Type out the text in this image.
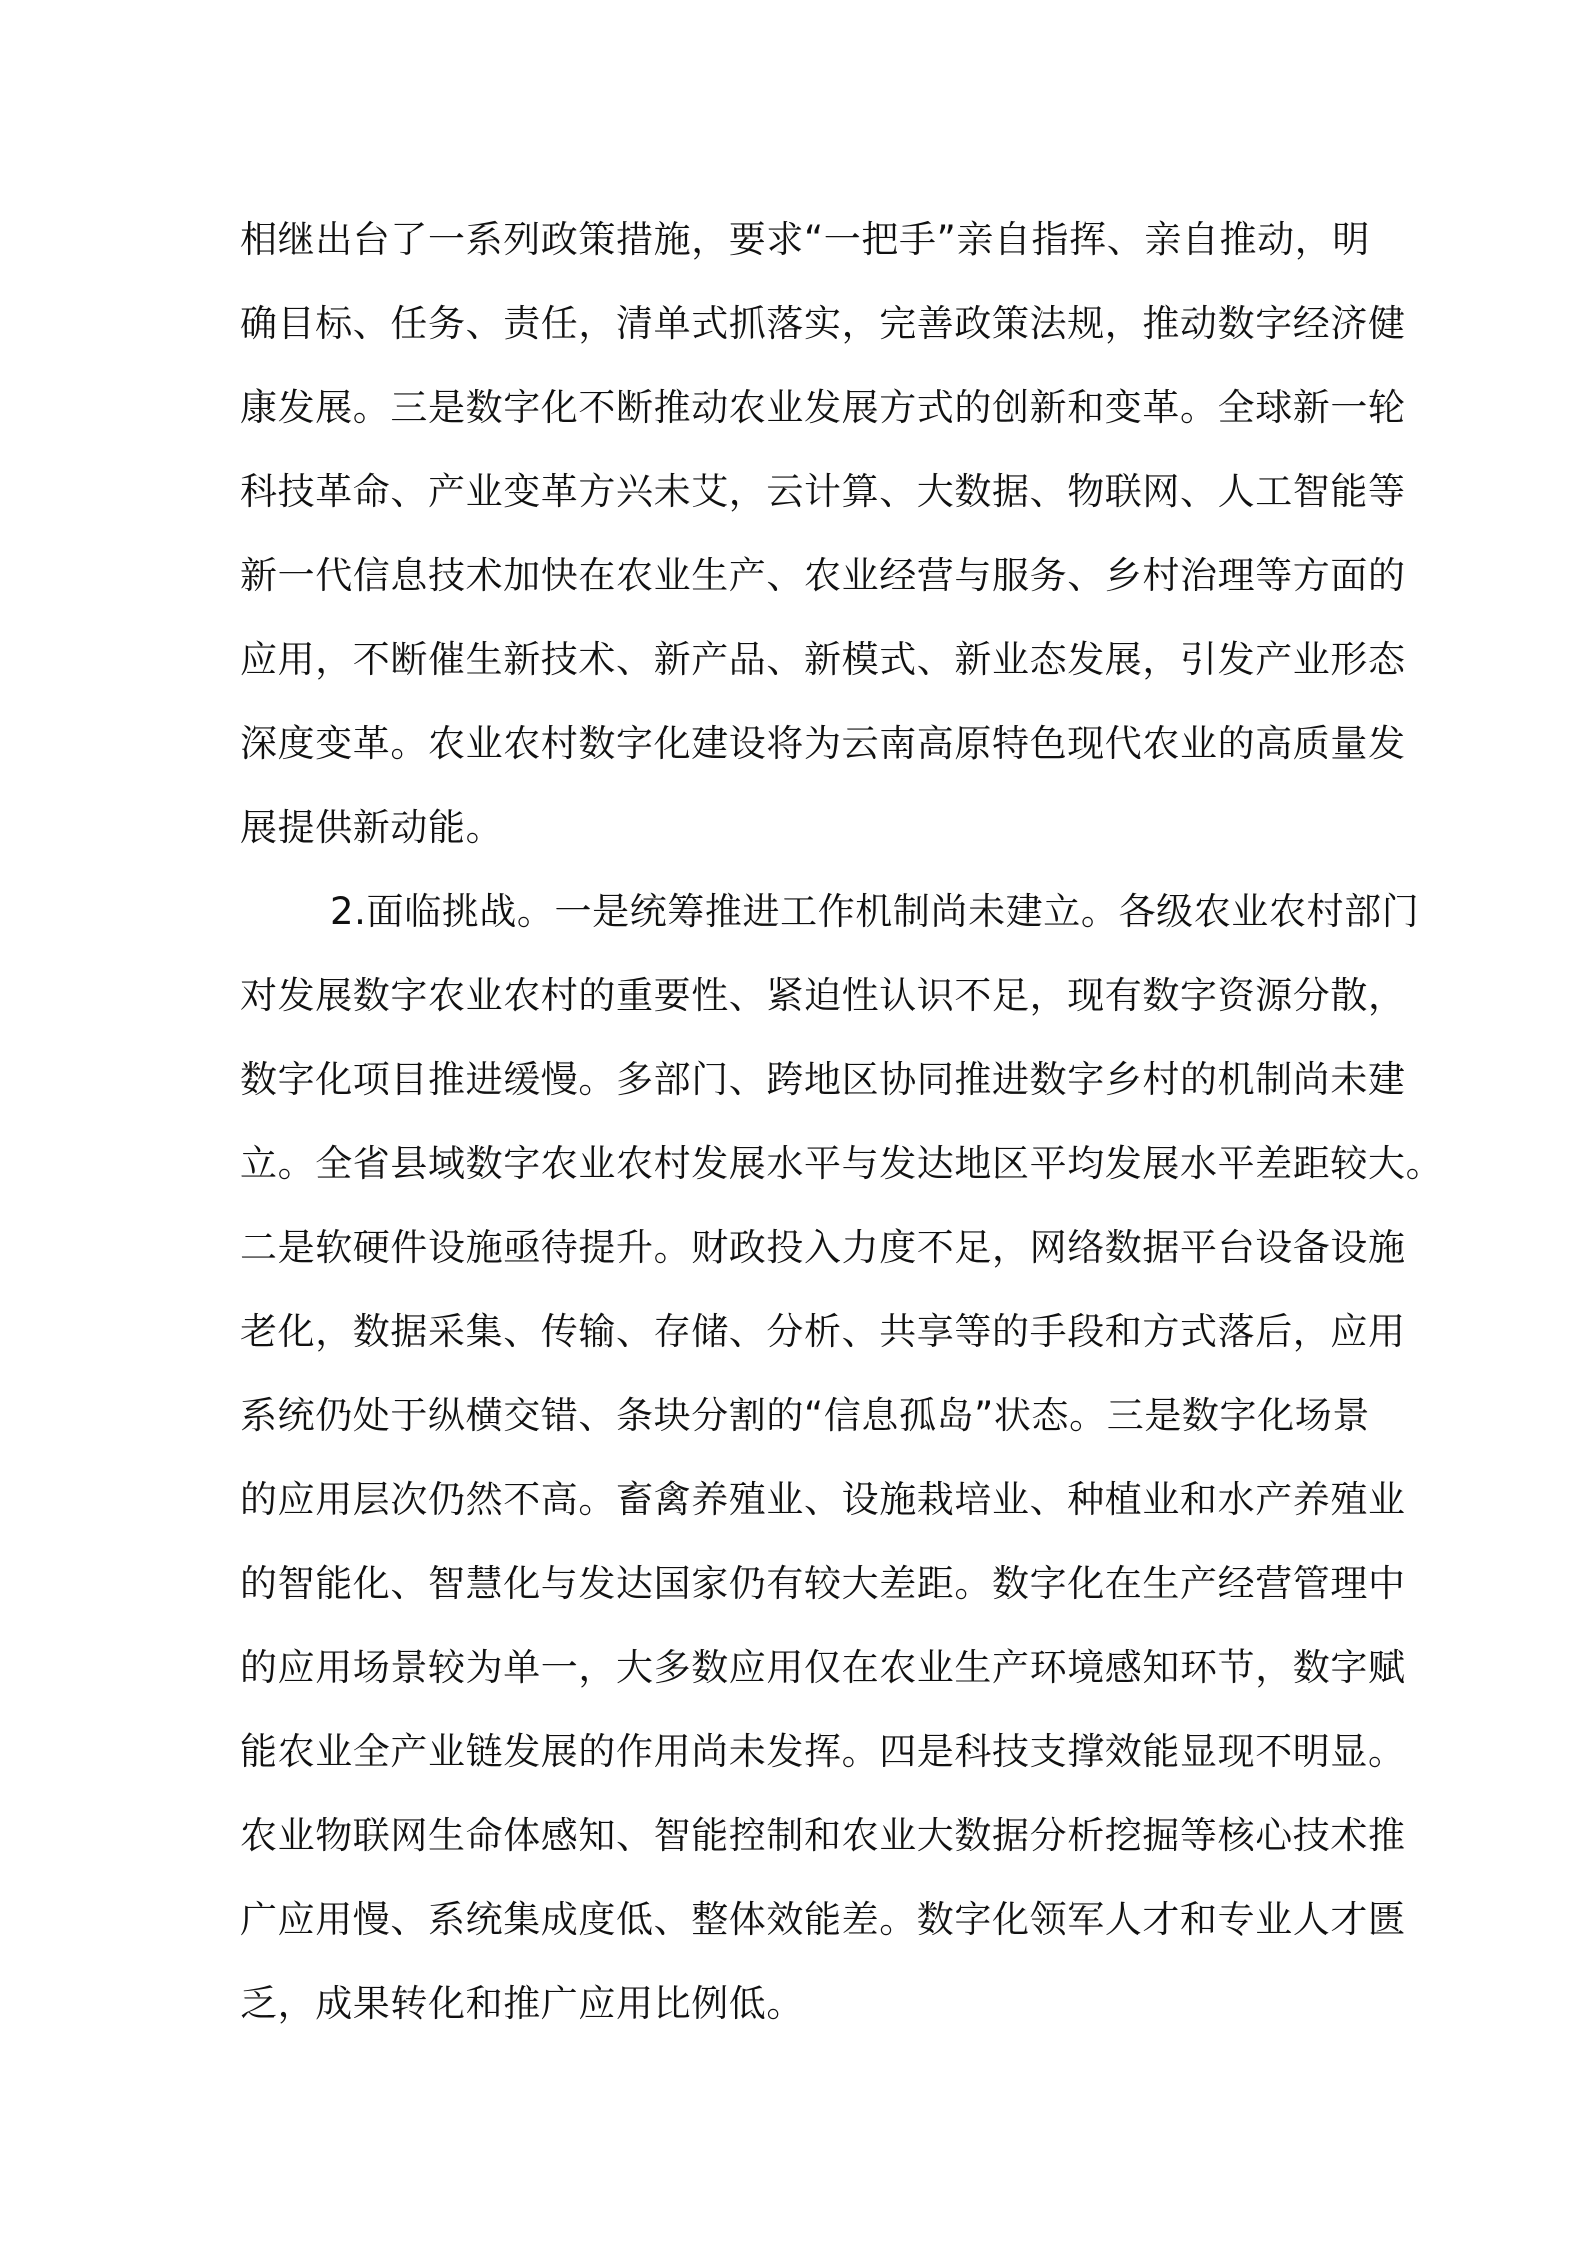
相继出台了一系列政策措施，要求“一把手”亲自指挥、亲自推动，明
确目标、任务、责任，清单式抓落实，完善政策法规，推动数字经济健
康发展。三是数字化不断推动农业发展方式的创新和变革。全球新一轮
科技革命、产业变革方兴未艾，云计算、大数据、物联网、人工智能等
新一代信息技术加快在农业生产、农业经营与服务、乡村治理等方面的
应用，不断催生新技术、新产品、新模式、新业态发展，引发产业形态
深度变革。农业农村数字化建设将为云南高原特色现代农业的高质量发
展提供新动能。
2.面临挑战。一是统筹推进工作机制尚未建立。各级农业农村部门
对发展数字农业农村的重要性、紧迫性认识不足，现有数字资源分散，
数字化项目推进缓慢。多部门、跨地区协同推进数字乡村的机制尚未建
立。全省县域数字农业农村发展水平与发达地区平均发展水平差距较大。
二是软硬件设施亟待提升。财政投入力度不足，网络数据平台设备设施
老化，数据采集、传输、存储、分析、共享等的手段和方式落后，应用
系统仍处于纵横交错、条块分割的“信息孤岛”状态。三是数字化场景
的应用层次仍然不高。畜禽养殖业、设施栽培业、种植业和水产养殖业
的智能化、智慧化与发达国家仍有较大差距。数字化在生产经营管理中
的应用场景较为单一，大多数应用仅在农业生产环境感知环节，数字赋
能农业全产业链发展的作用尚未发挥。四是科技支撑效能显现不明显。
农业物联网生命体感知、智能控制和农业大数据分析挖掘等核心技术推
广应用慢、系统集成度低、整体效能差。数字化领军人才和专业人才匮
乏，成果转化和推广应用比例低。
